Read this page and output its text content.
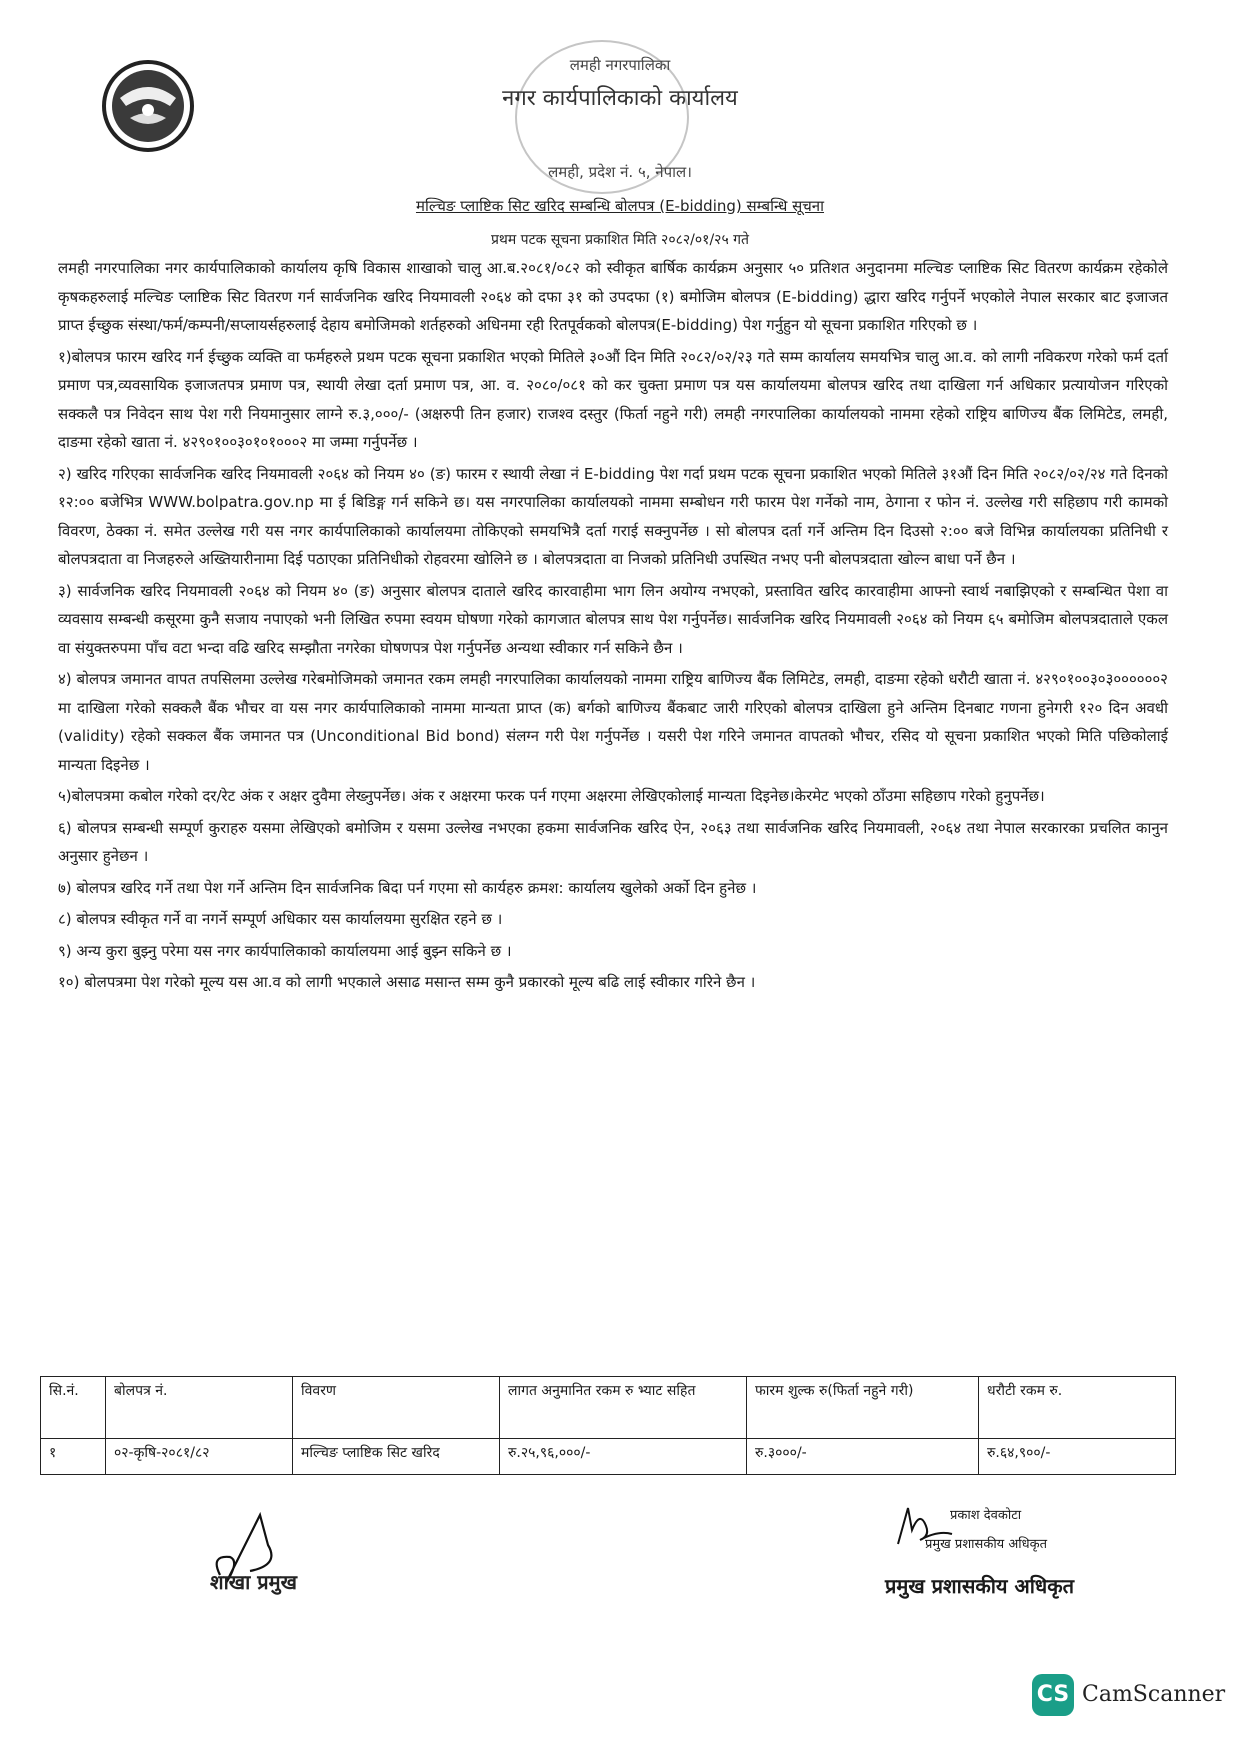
लमही नगरपालिका
नगर कार्यपालिकाको कार्यालय
लमही, प्रदेश नं. ५, नेपाल।
मल्चिङ प्लाष्टिक सिट खरिद सम्बन्धि बोलपत्र (E-bidding) सम्बन्धि सूचना
प्रथम पटक सूचना प्रकाशित मिति २०८२/०१/२५ गते

लमही नगरपालिका नगर कार्यपालिकाको कार्यालय कृषि विकास शाखाको चालु आ.ब.२०८१/०८२ को स्वीकृत बार्षिक कार्यक्रम अनुसार ५० प्रतिशत अनुदानमा मल्चिङ प्लाष्टिक सिट वितरण कार्यक्रम रहेकोले कृषकहरुलाई मल्चिङ प्लाष्टिक सिट वितरण गर्न सार्वजनिक खरिद नियमावली २०६४ को दफा ३१ को उपदफा (१) बमोजिम बोलपत्र (E-bidding) द्धारा खरिद गर्नुपर्ने भएकोले नेपाल सरकार बाट इजाजत प्राप्त ईच्छुक संस्था/फर्म/कम्पनी/सप्लायर्सहरुलाई देहाय बमोजिमको शर्तहरुको अधिनमा रही रितपूर्वकको बोलपत्र(E-bidding) पेश गर्नुहुन यो सूचना प्रकाशित गरिएको छ ।

१)बोलपत्र फारम खरिद गर्न ईच्छुक व्यक्ति वा फर्महरुले प्रथम पटक सूचना प्रकाशित भएको मितिले ३०औं दिन मिति २०८२/०२/२३ गते सम्म कार्यालय समयभित्र चालु आ.व. को लागी नविकरण गरेको फर्म दर्ता प्रमाण पत्र,व्यवसायिक इजाजतपत्र प्रमाण पत्र, स्थायी लेखा दर्ता प्रमाण पत्र, आ. व. २०८०/०८१ को कर चुक्ता प्रमाण पत्र यस कार्यालयमा बोलपत्र खरिद तथा दाखिला गर्न अधिकार प्रत्यायोजन गरिएको सक्कलै पत्र निवेदन साथ पेश गरी नियमानुसार लाग्ने रु.३,०००/- (अक्षरुपी तिन हजार) राजश्व दस्तुर (फिर्ता नहुने गरी) लमही नगरपालिका कार्यालयको नाममा रहेको राष्ट्रिय बाणिज्य बैंक लिमिटेड, लमही, दाङमा रहेको खाता नं. ४२९०१००३०१०१०००२ मा जम्मा गर्नुपर्नेछ ।

२) खरिद गरिएका सार्वजनिक खरिद नियमावली २०६४ को नियम ४० (ङ) फारम र स्थायी लेखा नं E-bidding पेश गर्दा प्रथम पटक सूचना प्रकाशित भएको मितिले ३१औं दिन मिति २०८२/०२/२४ गते दिनको १२:०० बजेभित्र WWW.bolpatra.gov.np मा ई बिडिङ्ग गर्न सकिने छ। यस नगरपालिका कार्यालयको नाममा सम्बोधन गरी फारम पेश गर्नेको नाम, ठेगाना र फोन नं. उल्लेख गरी सहिछाप गरी कामको विवरण, ठेक्का नं. समेत उल्लेख गरी यस नगर कार्यपालिकाको कार्यालयमा तोकिएको समयभित्रै दर्ता गराई सक्नुपर्नेछ । सो बोलपत्र दर्ता गर्ने अन्तिम दिन दिउसो २:०० बजे विभिन्न कार्यालयका प्रतिनिधी र बोलपत्रदाता वा निजहरुले अख्तियारीनामा दिई पठाएका प्रतिनिधीको रोहवरमा खोलिने छ । बोलपत्रदाता वा निजको प्रतिनिधी उपस्थित नभए पनी बोलपत्रदाता खोल्न बाधा पर्ने छैन ।

३) सार्वजनिक खरिद नियमावली २०६४ को नियम ४० (ङ) अनुसार बोलपत्र दाताले खरिद कारवाहीमा भाग लिन अयोग्य नभएको, प्रस्तावित खरिद कारवाहीमा आफ्नो स्वार्थ नबाझिएको र सम्बन्धित पेशा वा व्यवसाय सम्बन्धी कसूरमा कुनै सजाय नपाएको भनी लिखित रुपमा स्वयम घोषणा गरेको कागजात बोलपत्र साथ पेश गर्नुपर्नेछ। सार्वजनिक खरिद नियमावली २०६४ को नियम ६५ बमोजिम बोलपत्रदाताले एकल वा संयुक्तरुपमा पाँच वटा भन्दा वढि खरिद सम्झौता नगरेका घोषणपत्र पेश गर्नुपर्नेछ अन्यथा स्वीकार गर्न सकिने छैन ।

४) बोलपत्र जमानत वापत तपसिलमा उल्लेख गरेबमोजिमको जमानत रकम लमही नगरपालिका कार्यालयको नाममा राष्ट्रिय बाणिज्य बैंक लिमिटेड, लमही, दाङमा रहेको धरौटी खाता नं. ४२९०१००३०३००००००२ मा दाखिला गरेको सक्कलै बैंक भौचर वा यस नगर कार्यपालिकाको नाममा मान्यता प्राप्त (क) बर्गको बाणिज्य बैंकबाट जारी गरिएको बोलपत्र दाखिला हुने अन्तिम दिनबाट गणना हुनेगरी १२० दिन अवधी (validity) रहेको सक्कल बैंक जमानत पत्र (Unconditional Bid bond) संलग्न गरी पेश गर्नुपर्नेछ । यसरी पेश गरिने जमानत वापतको भौचर, रसिद यो सूचना प्रकाशित भएको मिति पछिकोलाई मान्यता दिइनेछ ।

५)बोलपत्रमा कबोल गरेको दर/रेट अंक र अक्षर दुवैमा लेख्नुपर्नेछ। अंक र अक्षरमा फरक पर्न गएमा अक्षरमा लेखिएकोलाई मान्यता दिइनेछ।केरमेट भएको ठाँउमा सहिछाप गरेको हुनुपर्नेछ।

६) बोलपत्र सम्बन्धी सम्पूर्ण कुराहरु यसमा लेखिएको बमोजिम र यसमा उल्लेख नभएका हकमा सार्वजनिक खरिद ऐन, २०६३ तथा सार्वजनिक खरिद नियमावली, २०६४ तथा नेपाल सरकारका प्रचलित कानुन अनुसार हुनेछन ।

७) बोलपत्र खरिद गर्ने तथा पेश गर्ने अन्तिम दिन सार्वजनिक बिदा पर्न गएमा सो कार्यहरु क्रमश: कार्यालय खुलेको अर्को दिन हुनेछ ।

८) बोलपत्र स्वीकृत गर्ने वा नगर्ने सम्पूर्ण अधिकार यस कार्यालयमा सुरक्षित रहने छ ।

९) अन्य कुरा बुझ्नु परेमा यस नगर कार्यपालिकाको कार्यालयमा आई बुझ्न सकिने छ ।

१०) बोलपत्रमा पेश गरेको मूल्य यस आ.व को लागी भएकाले असाढ मसान्त सम्म कुनै प्रकारको मूल्य बढि लाई स्वीकार गरिने छैन ।

सि.नं.	बोलपत्र नं.	विवरण	लागत अनुमानित रकम रु भ्याट सहित	फारम शुल्क रु(फिर्ता नहुने गरी)	धरौटी रकम रु.
१	०२-कृषि-२०८१/८२	मल्चिङ प्लाष्टिक सिट खरिद	रु.२५,९६,०००/-	रु.३०००/-	रु.६४,९००/-
प्रकाश देवकोटा
प्रमुख प्रशासकीय अधिकृत
प्रमुख प्रशासकीय अधिकृत
शाखा प्रमुख
CS CamScanner
